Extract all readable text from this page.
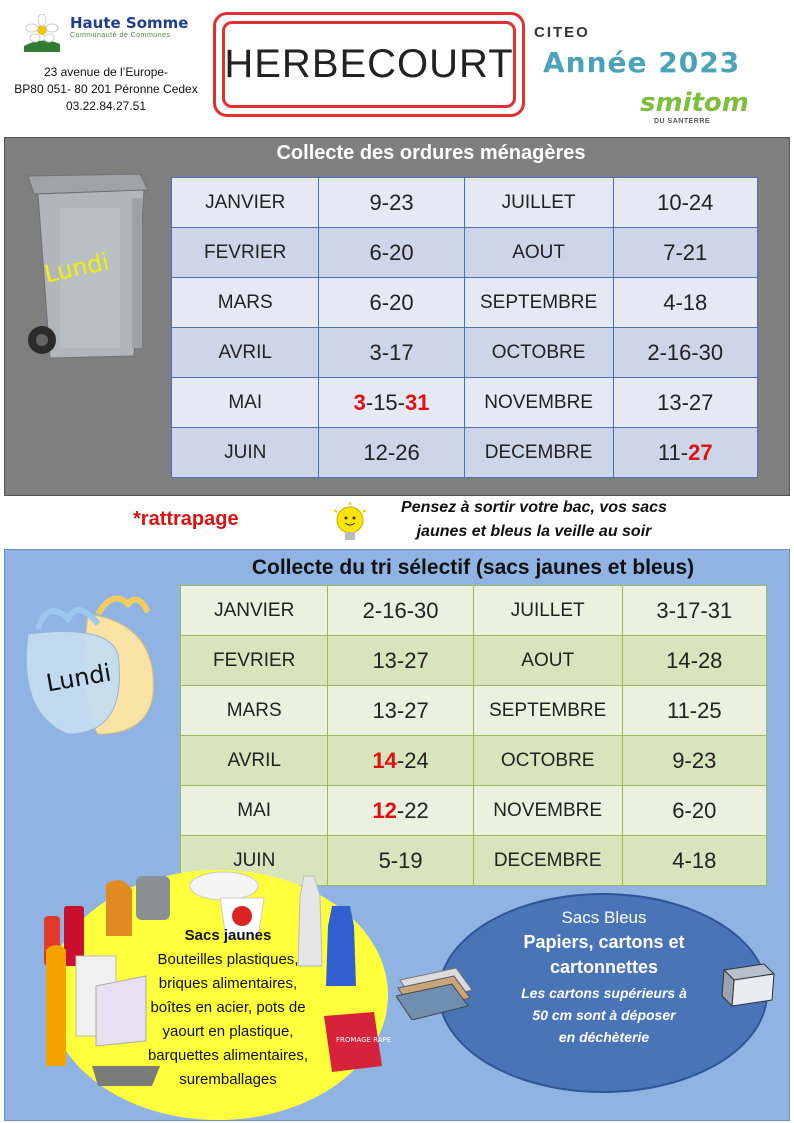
Haute Somme
Communauté de Communes
23 avenue de l’Europe-
BP80 051- 80 201 Péronne Cedex
03.22.84.27.51
HERBECOURT
CITEO
Année 2023
smitom
DU SANTERRE
Collecte des ordures ménagères
Lundi
JANVIER	9-23	JUILLET	10-24
FEVRIER	6-20	AOUT	7-21
MARS	6-20	SEPTEMBRE	4-18
AVRIL	3-17	OCTOBRE	2-16-30
MAI	3-15-31	NOVEMBRE	13-27
JUIN	12-26	DECEMBRE	11-27
*rattrapage
Pensez à sortir votre bac, vos sacs
jaunes et bleus la veille au soir
Collecte du tri sélectif (sacs jaunes et bleus)
Lundi
JANVIER	2-16-30	JUILLET	3-17-31
FEVRIER	13-27	AOUT	14-28
MARS	13-27	SEPTEMBRE	11-25
AVRIL	14-24	OCTOBRE	9-23
MAI	12-22	NOVEMBRE	6-20
JUIN	5-19	DECEMBRE	4-18
FROMAGE RAPE
Sacs jaunes
Bouteilles plastiques,
briques alimentaires,
boîtes en acier, pots de
yaourt en plastique,
barquettes alimentaires,
suremballages
Sacs Bleus
Papiers, cartons et
cartonnettes
Les cartons supérieurs à
50 cm sont à déposer
en déchèterie
